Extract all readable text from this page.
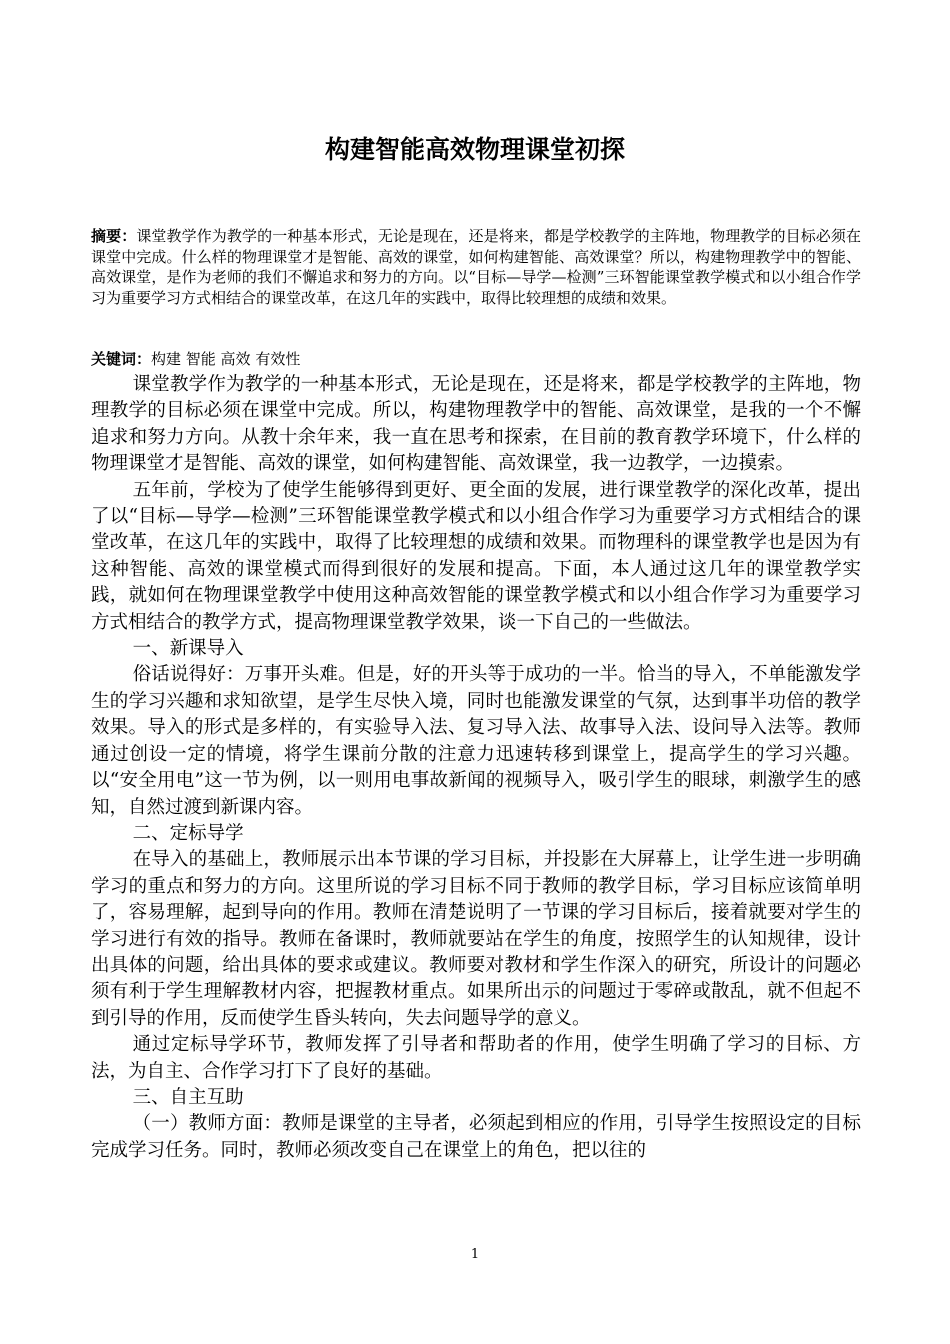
构建智能高效物理课堂初探

摘要：课堂教学作为教学的一种基本形式，无论是现在，还是将来，都是学校教学的主阵地，物理教学的目标必须在课堂中完成。什么样的物理课堂才是智能、高效的课堂，如何构建智能、高效课堂？所以，构建物理教学中的智能、高效课堂，是作为老师的我们不懈追求和努力的方向。以“目标—导学—检测”三环智能课堂教学模式和以小组合作学习为重要学习方式相结合的课堂改革，在这几年的实践中，取得比较理想的成绩和效果。

关键词：构建 智能 高效 有效性

课堂教学作为教学的一种基本形式，无论是现在，还是将来，都是学校教学的主阵地，物理教学的目标必须在课堂中完成。所以，构建物理教学中的智能、高效课堂，是我的一个不懈追求和努力方向。从教十余年来，我一直在思考和探索，在目前的教育教学环境下，什么样的物理课堂才是智能、高效的课堂，如何构建智能、高效课堂，我一边教学，一边摸索。

五年前，学校为了使学生能够得到更好、更全面的发展，进行课堂教学的深化改革，提出了以“目标—导学—检测”三环智能课堂教学模式和以小组合作学习为重要学习方式相结合的课堂改革，在这几年的实践中，取得了比较理想的成绩和效果。而物理科的课堂教学也是因为有这种智能、高效的课堂模式而得到很好的发展和提高。下面，本人通过这几年的课堂教学实践，就如何在物理课堂教学中使用这种高效智能的课堂教学模式和以小组合作学习为重要学习方式相结合的教学方式，提高物理课堂教学效果，谈一下自己的一些做法。

一、新课导入

俗话说得好：万事开头难。但是，好的开头等于成功的一半。恰当的导入，不单能激发学生的学习兴趣和求知欲望，是学生尽快入境，同时也能激发课堂的气氛，达到事半功倍的教学效果。导入的形式是多样的，有实验导入法、复习导入法、故事导入法、设问导入法等。教师通过创设一定的情境，将学生课前分散的注意力迅速转移到课堂上，提高学生的学习兴趣。以“安全用电”这一节为例，以一则用电事故新闻的视频导入，吸引学生的眼球，刺激学生的感知，自然过渡到新课内容。

二、定标导学

在导入的基础上，教师展示出本节课的学习目标，并投影在大屏幕上，让学生进一步明确学习的重点和努力的方向。这里所说的学习目标不同于教师的教学目标，学习目标应该简单明了，容易理解，起到导向的作用。教师在清楚说明了一节课的学习目标后，接着就要对学生的学习进行有效的指导。教师在备课时，教师就要站在学生的角度，按照学生的认知规律，设计出具体的问题，给出具体的要求或建议。教师要对教材和学生作深入的研究，所设计的问题必须有利于学生理解教材内容，把握教材重点。如果所出示的问题过于零碎或散乱，就不但起不到引导的作用，反而使学生昏头转向，失去问题导学的意义。

通过定标导学环节，教师发挥了引导者和帮助者的作用，使学生明确了学习的目标、方法，为自主、合作学习打下了良好的基础。

三、自主互助

（一）教师方面：教师是课堂的主导者，必须起到相应的作用，引导学生按照设定的目标完成学习任务。同时，教师必须改变自己在课堂上的角色，把以往的

1
